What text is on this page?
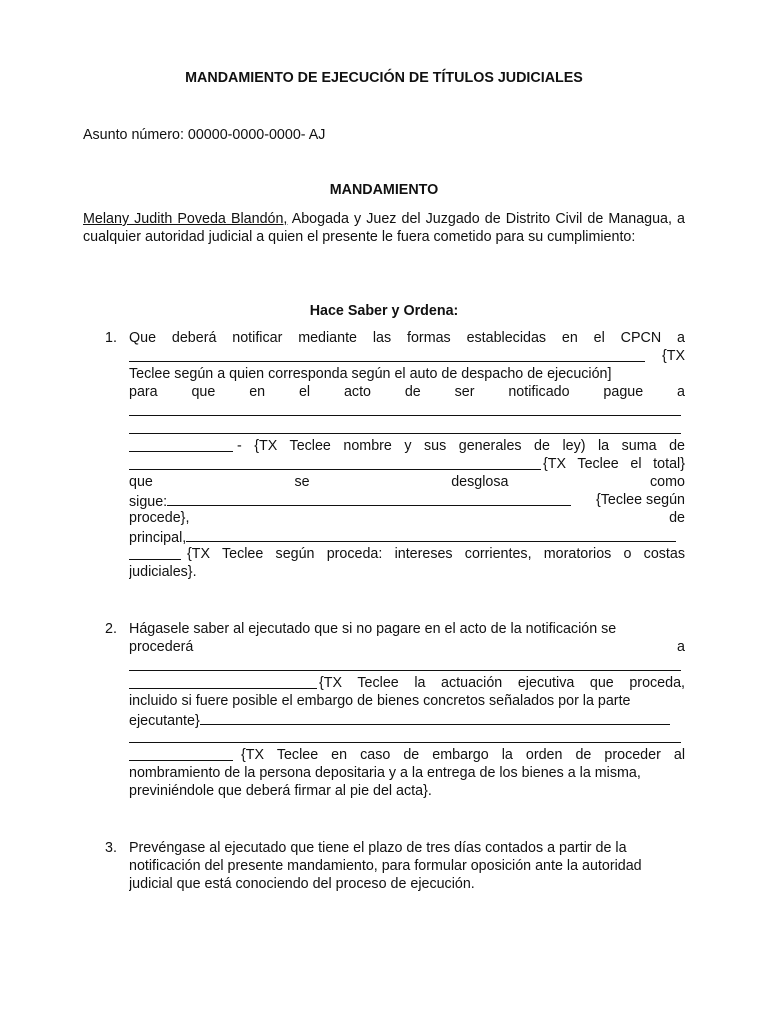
MANDAMIENTO DE EJECUCIÓN DE TÍTULOS JUDICIALES
Asunto número: 00000-0000-0000- AJ
MANDAMIENTO
Melany Judith Poveda Blandón, Abogada y Juez del Juzgado de Distrito Civil de Managua, a cualquier autoridad judicial a quien el presente le fuera cometido para su cumplimiento:
Hace Saber y Ordena:
1. Que deberá notificar mediante las formas establecidas en el CPCN a
{TX
Teclee según a quien corresponda según el auto de despacho de ejecución]
para que en el acto de ser notificado pague a
- {TX Teclee nombre y sus generales de ley) la suma de
{TX Teclee el total}
que se desglosa como
sigue:	{Teclee según
procede}, de
principal,
{TX Teclee según proceda: intereses corrientes, moratorios o costas
judiciales}.
2. Hágasele saber al ejecutado que si no pagare en el acto de la notificación se
procederá a
{TX Teclee la actuación ejecutiva que proceda,
incluido si fuere posible el embargo de bienes concretos señalados por la parte
ejecutante}
{TX Teclee en caso de embargo la orden de proceder al
nombramiento de la persona depositaria y a la entrega de los bienes a la misma,
previniéndole que deberá firmar al pie del acta}.
3. Prevéngase al ejecutado que tiene el plazo de tres días contados a partir de la
notificación del presente mandamiento, para formular oposición ante la autoridad
judicial que está conociendo del proceso de ejecución.
